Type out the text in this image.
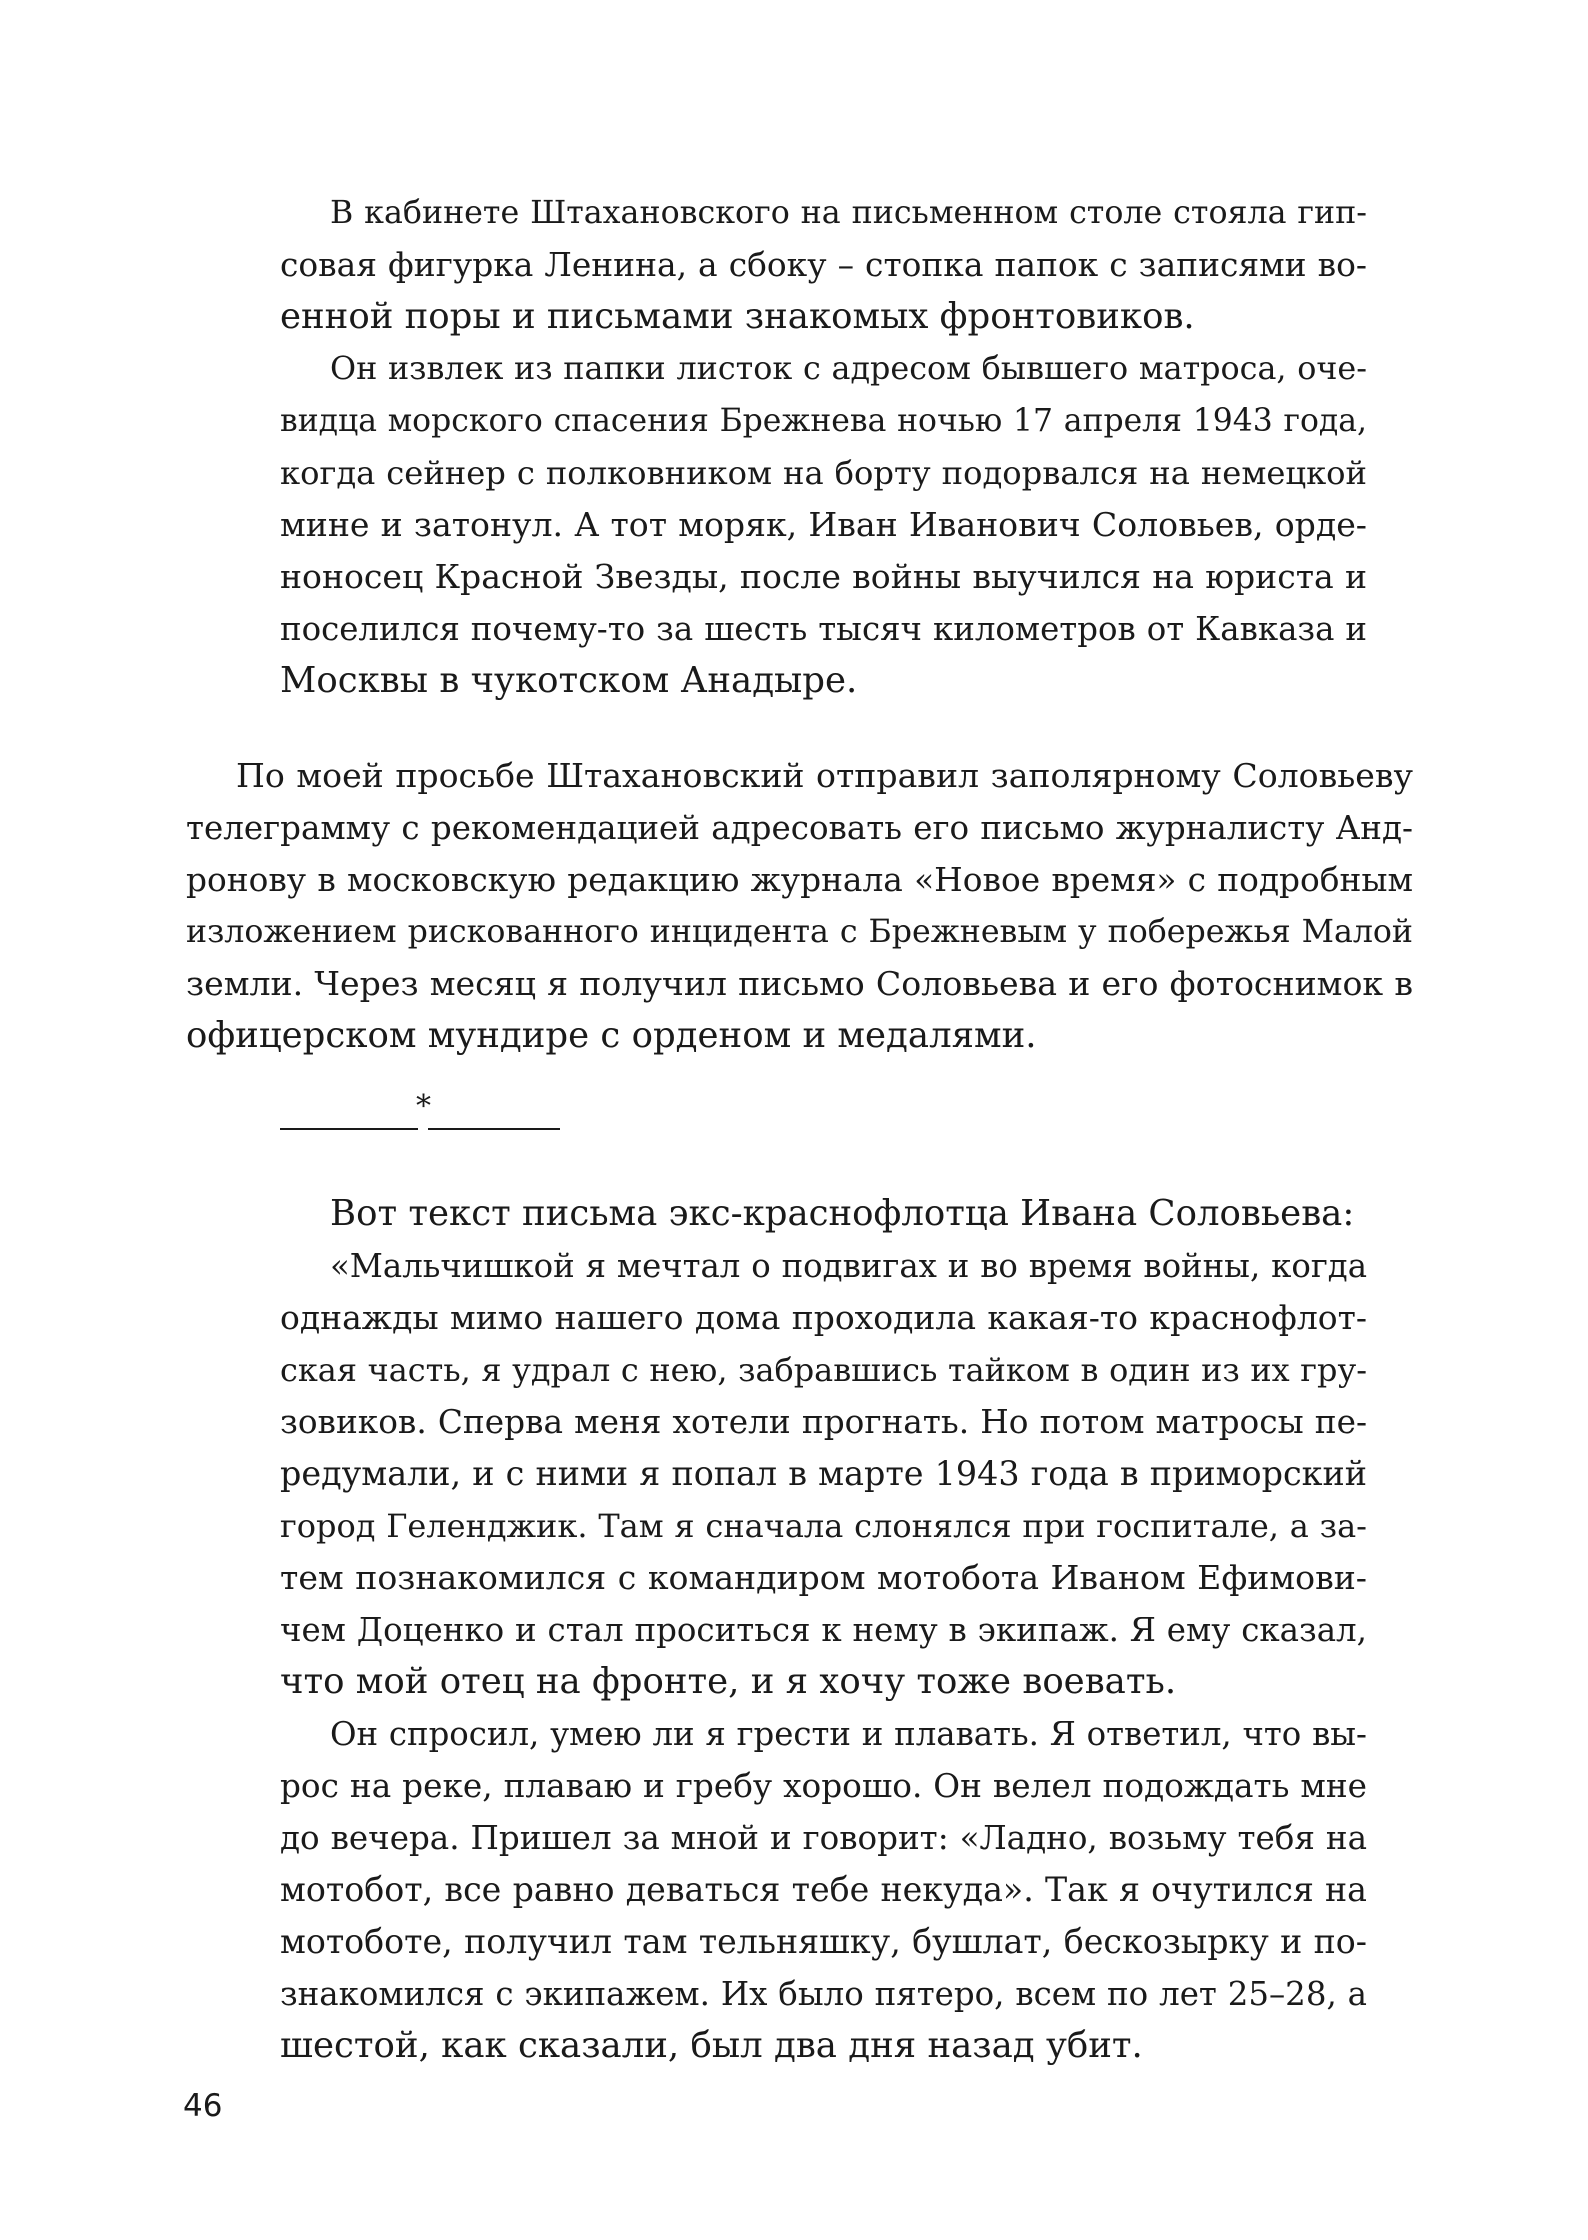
В кабинете Штахановского на письменном столе стояла гип-
совая фигурка Ленина, а сбоку – стопка папок с записями во-
енной поры и письмами знакомых фронтовиков.
Он извлек из папки листок с адресом бывшего матроса, оче-
видца морского спасения Брежнева ночью 17 апреля 1943 года,
когда сейнер с полковником на борту подорвался на немецкой
мине и затонул. А тот моряк, Иван Иванович Соловьев, орде-
ноносец Красной Звезды, после войны выучился на юриста и
поселился почему-то за шесть тысяч километров от Кавказа и
Москвы в чукотском Анадыре.
По моей просьбе Штахановский отправил заполярному Соловьеву
телеграмму с рекомендацией адресовать его письмо журналисту Анд-
ронову в московскую редакцию журнала «Новое время» с подробным
изложением рискованного инцидента с Брежневым у побережья Малой
земли. Через месяц я получил письмо Соловьева и его фотоснимок в
офицерском мундире с орденом и медалями.
*
Вот текст письма экс-краснофлотца Ивана Соловьева:
«Мальчишкой я мечтал о подвигах и во время войны, когда
однажды мимо нашего дома проходила какая-то краснофлот-
ская часть, я удрал с нею, забравшись тайком в один из их гру-
зовиков. Сперва меня хотели прогнать. Но потом матросы пе-
редумали, и с ними я попал в марте 1943 года в приморский
город Геленджик. Там я сначала слонялся при госпитале, а за-
тем познакомился с командиром мотобота Иваном Ефимови-
чем Доценко и стал проситься к нему в экипаж. Я ему сказал,
что мой отец на фронте, и я хочу тоже воевать.
Он спросил, умею ли я грести и плавать. Я ответил, что вы-
рос на реке, плаваю и гребу хорошо. Он велел подождать мне
до вечера. Пришел за мной и говорит: «Ладно, возьму тебя на
мотобот, все равно деваться тебе некуда». Так я очутился на
мотоботе, получил там тельняшку, бушлат, бескозырку и по-
знакомился с экипажем. Их было пятеро, всем по лет 25–28, а
шестой, как сказали, был два дня назад убит.
46
